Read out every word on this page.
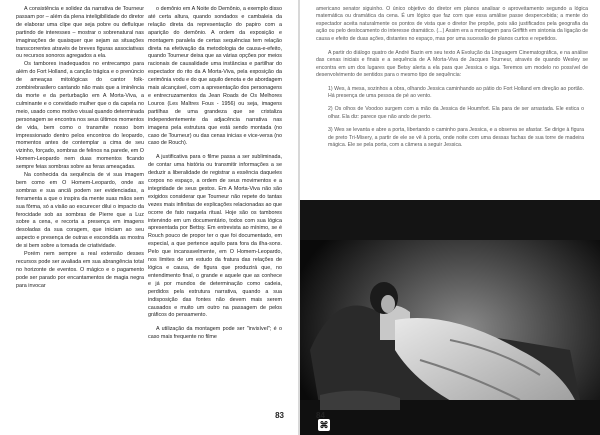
A consistência e solidez da narrativa de Tourneur passam por – além da plena inteligibilidade do diretor de elaborar uma clipe que seja pobre ou defluíque partindo de interesses – mostrar o sobrenatural nas imaginações de quaisquer que sejam as situações transcorrentes através de breves figuras associativas ou recursos sonoros agregados a ela.

Os tambores inadequados no entrecampo para além do Fort Holland, a canção trágica e o prenúncio de ameaças mitológicas do cantor folk-zombirebrasilero cantando não mais que a iminência da morte e da perturbação em A Morta-Viva, a culminante e o convidado mulher que o da capela no meio, usado como motivo visual quando determinada personagem se encontra nos seus últimos momentos de vida, bem como o transmite nosso bom impressionado dentro pelos encontros do leopardo, momentos antes de contemplar a cima de seu vizinho, forçado, sombras de felinos na parede, em O Homem-Leopardo nem duas momentos ficando sempre feias sombras sobre as feras ameaçadas.

Na conhecida da sequência de vi sua imagem bem como em O Homem-Leopardo, onde as sombras e sua anciã podem ser evidenciadas, a ferramenta a que o inspira da mente suas mãos sem sua fôrma, só a visão ao escurecer dilui o impacto da ferocidade sob as sombras de Pierre que a Luz sobre a cena, e recorta a presença em imagens desoladas da sua coragem, que iniciam ao seu aspecto e presença de outras e escondida as mostra de si bem sobre a tomada de criatividade.

Porém nem sempre a real extensão desses recursos pode ser avaliada em sua abrangência total no horizonte de eventos. O mágico e o pagamento pode ser parado por encantamentos de magia negra para invocar

o demônio em A Noite do Demônio, a exemplo disso até certa altura, quando sondados e cambaleia da relação direta da representação do papiro com a aparição do demônio. A ordem da exposição e montagem paralela de certas sequências tem relação direta na efetivação da metodologia de causa-e-efeito, quando Tourneur deixa que as várias opções por meios racionais de causalidade uma instâncias e partilhar do espectador do rito da A Morta-Viva, pela exposição da cerimônia vodu e do que aquilo denota e de abordagem mais alcançável, com a apresentação dos personagens e entrecruzamentos da Jean Roads de Os Melhores Louros (Les Maîtres Fous - 1956) ou seja, imagens partilhas de uma grandeza que se cristaliza independentemente da adjacência narrativa nas imagens pela estrutura que está sendo montada (no caso de Tourneur) ou das cenas inicias e vice-versa (no caso de Rouch).

A justificativa para o filme passa a ser subliminada, de contar uma história ou transmitir informações a se deduzir a liberalidade de registrar a essência daqueles corpos no espaço, a ordem de seus movimentos e a integridade de seus gestos. Em A Morta-Viva não são exigidos considerar que Tourneur não repete do tantas vezes mais infinitas de explicações relacionadas ao que ocorre de fato naquela ritual. Hoje são os tambores intervindo em um documentário, todos com sua lógica apresentada por Bettsy. Em entrevista ao mínimo, se é Rouch pouco de propor ter o que foi documentado, em especial, a que pertence aquilo para fora da ilha-sons. Pelo que incansavelmente, em O Homem-Leopardo, nos limites de um estudo da fratura das relações de lógica e causa, de figura que produzirá que, no entendimento final, o grande e aquele que as conhece e já por mundos de determinação como cadeia, perdidos pela estrutura narrativa, quando a sua indisposição das fontes não devem mais serem causados e muito um outro na passagem de pelos gráficos do pensamento.

A utilização da montagem pode ser "invisível"; é o caso mais frequente no filme

83

americano senator siguinho. O único objetivo do diretor em planos analisar o aproveitamento segundo a lógica matemática ou dramática da cena. É um lógico que faz com que essa amálise passe despercebida; a mente do espectador aceita naturalmente os pontos de vista que o diretor lhe propõe, pois são justificados pela geografia da ação ou pelo deslocamento do interesse dramático. (...) Assim era a montagem para Griffith em sintonia da ligação de causa e efeito de duas ações, distantes no espaço, mas por uma sucessão de planos curtos e repetidos.

A partir do diálogo quatro de André Bazin em seu texto A Evolução da Linguagem Cinematográfica, e na análise das cenas iniciais e finais e a sequência de A Morta-Viva de Jacques Tourneur, através de quando Wesley se encontra em um dos lugares que Betsy alerta a ela para que Jessica o siga. Teremos um modelo no possível de desenvolvimento de sentidos para o mesmo tipo de sequência:

1) Wes, à mesa, sozinhos a obra, olhando Jessica caminhando ao pátio do Fort Holland em direção ao portão. Há presença de uma pessoa de pé ao vento.

2) Os olhos de Voodoo surgem com a mão da Jessica de Houmfort. Ela para de ser arrastada. Ele estica o olhar. Ela diz: parece que não ando de perto.

3) Wes se levanta e abre a porta, libertando o caminho para Jessica, e a observa se afastar. Se dirige à figura de preto Tri-Misery, a partir de ele se vê à porta, onde noite com uma dessas fachas de sua torre de madeira mágica. Ele se pela porta, com a câmera a seguir Jessica.

⌘
84
